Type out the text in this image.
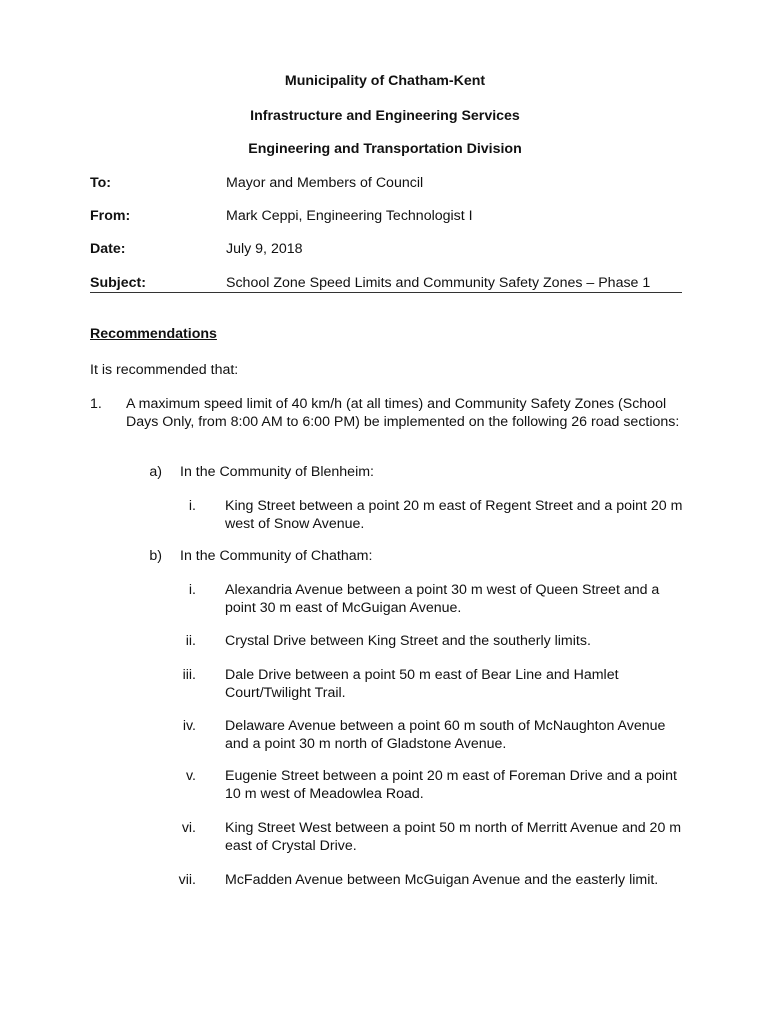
Municipality of Chatham-Kent
Infrastructure and Engineering Services
Engineering and Transportation Division
To:	Mayor and Members of Council
From:	Mark Ceppi, Engineering Technologist I
Date:	July 9, 2018
Subject:	School Zone Speed Limits and Community Safety Zones – Phase 1
Recommendations
It is recommended that:
1. A maximum speed limit of 40 km/h (at all times) and Community Safety Zones (School Days Only, from 8:00 AM to 6:00 PM) be implemented on the following 26 road sections:
a) In the Community of Blenheim:
i. King Street between a point 20 m east of Regent Street and a point 20 m west of Snow Avenue.
b) In the Community of Chatham:
i. Alexandria Avenue between a point 30 m west of Queen Street and a point 30 m east of McGuigan Avenue.
ii. Crystal Drive between King Street and the southerly limits.
iii. Dale Drive between a point 50 m east of Bear Line and Hamlet Court/Twilight Trail.
iv. Delaware Avenue between a point 60 m south of McNaughton Avenue and a point 30 m north of Gladstone Avenue.
v. Eugenie Street between a point 20 m east of Foreman Drive and a point 10 m west of Meadowlea Road.
vi. King Street West between a point 50 m north of Merritt Avenue and 20 m east of Crystal Drive.
vii. McFadden Avenue between McGuigan Avenue and the easterly limit.
